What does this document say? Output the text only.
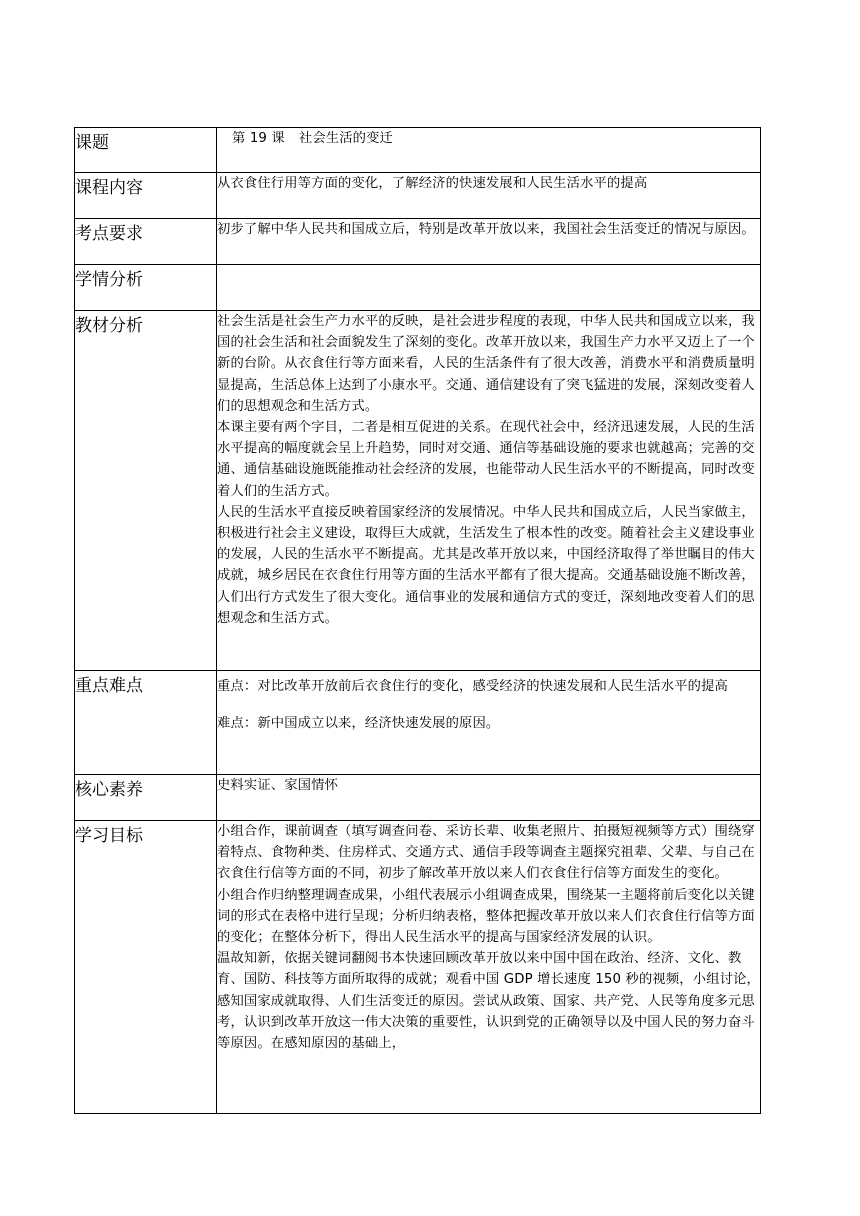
课题	第 19 课 社会生活的变迁
课程内容	从衣食住行用等方面的变化，了解经济的快速发展和人民生活水平的提高
考点要求	初步了解中华人民共和国成立后，特别是改革开放以来，我国社会生活变迁的情况与原因。
学情分析	
教材分析	社会生活是社会生产力水平的反映，是社会进步程度的表现，中华人民共和国成立以来，我国的社会生活和社会面貌发生了深刻的变化。改革开放以来，我国生产力水平又迈上了一个新的台阶。从衣食住行等方面来看，人民的生活条件有了很大改善，消费水平和消费质量明显提高，生活总体上达到了小康水平。交通、通信建设有了突飞猛进的发展，深刻改变着人们的思想观念和生活方式。

本课主要有两个字目，二者是相互促进的关系。在现代社会中，经济迅速发展，人民的生活水平提高的幅度就会呈上升趋势，同时对交通、通信等基础设施的要求也就越高；完善的交通、通信基础设施既能推动社会经济的发展，也能带动人民生活水平的不断提高，同时改变着人们的生活方式。

人民的生活水平直接反映着国家经济的发展情况。中华人民共和国成立后，人民当家做主，积极进行社会主义建设，取得巨大成就，生活发生了根本性的改变。随着社会主义建设事业的发展，人民的生活水平不断提高。尤其是改革开放以来，中国经济取得了举世瞩目的伟大成就，城乡居民在衣食住行用等方面的生活水平都有了很大提高。交通基础设施不断改善，人们出行方式发生了很大变化。通信事业的发展和通信方式的变迁，深刻地改变着人们的思想观念和生活方式。

重点难点	重点：对比改革开放前后衣食住行的变化，感受经济的快速发展和人民生活水平的提高

难点：新中国成立以来，经济快速发展的原因。

核心素养	史料实证、家国情怀
学习目标	小组合作，课前调查（填写调查问卷、采访长辈、收集老照片、拍摄短视频等方式）围绕穿着特点、食物种类、住房样式、交通方式、通信手段等调查主题探究祖辈、父辈、与自己在衣食住行信等方面的不同，初步了解改革开放以来人们衣食住行信等方面发生的变化。

小组合作归纳整理调查成果，小组代表展示小组调查成果，围绕某一主题将前后变化以关键词的形式在表格中进行呈现；分析归纳表格，整体把握改革开放以来人们衣食住行信等方面的变化；在整体分析下，得出人民生活水平的提高与国家经济发展的认识。

温故知新，依据关键词翻阅书本快速回顾改革开放以来中国中国在政治、经济、文化、教育、国防、科技等方面所取得的成就；观看中国 GDP 增长速度 150 秒的视频，小组讨论，感知国家成就取得、人们生活变迁的原因。尝试从政策、国家、共产党、人民等角度多元思考，认识到改革开放这一伟大决策的重要性，认识到党的正确领导以及中国人民的努力奋斗等原因。在感知原因的基础上，
